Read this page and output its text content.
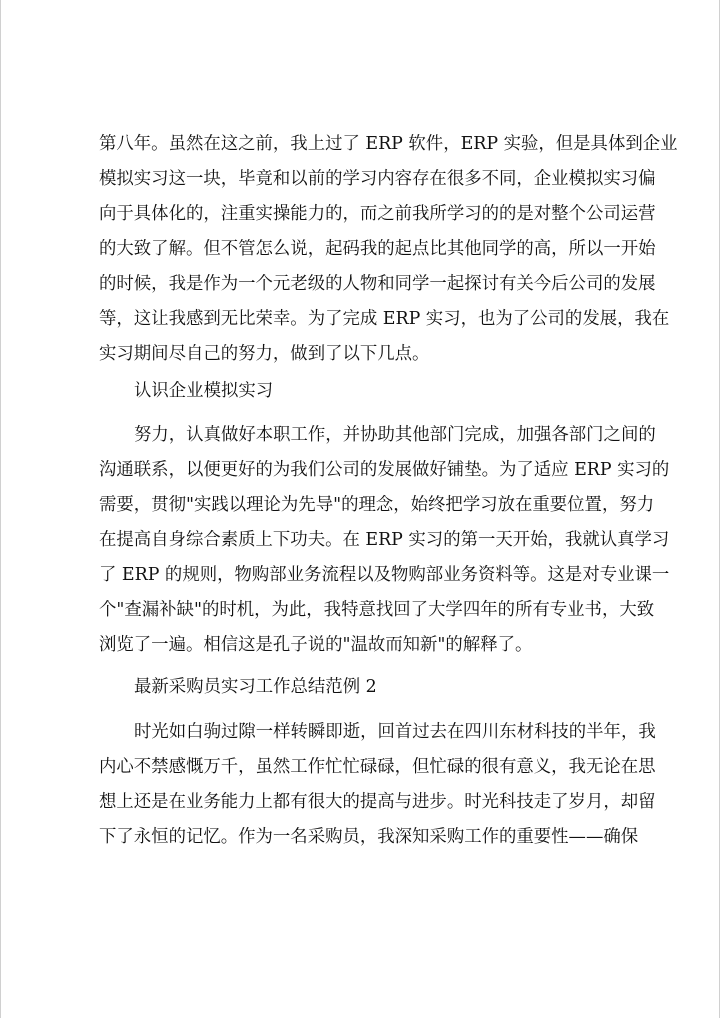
第八年。虽然在这之前，我上过了 ERP 软件，ERP 实验，但是具体到企业
模拟实习这一块，毕竟和以前的学习内容存在很多不同，企业模拟实习偏
向于具体化的，注重实操能力的，而之前我所学习的的是对整个公司运营
的大致了解。但不管怎么说，起码我的起点比其他同学的高，所以一开始
的时候，我是作为一个元老级的人物和同学一起探讨有关今后公司的发展
等，这让我感到无比荣幸。为了完成 ERP 实习，也为了公司的发展，我在
实习期间尽自己的努力，做到了以下几点。
认识企业模拟实习
努力，认真做好本职工作，并协助其他部门完成，加强各部门之间的
沟通联系，以便更好的为我们公司的发展做好铺垫。为了适应 ERP 实习的
需要，贯彻"实践以理论为先导"的理念，始终把学习放在重要位置，努力
在提高自身综合素质上下功夫。在 ERP 实习的第一天开始，我就认真学习
了 ERP 的规则，物购部业务流程以及物购部业务资料等。这是对专业课一
个"查漏补缺"的时机，为此，我特意找回了大学四年的所有专业书，大致
浏览了一遍。相信这是孔子说的"温故而知新"的解释了。
最新采购员实习工作总结范例 2
时光如白驹过隙一样转瞬即逝，回首过去在四川东材科技的半年，我
内心不禁感慨万千，虽然工作忙忙碌碌，但忙碌的很有意义，我无论在思
想上还是在业务能力上都有很大的提高与进步。时光科技走了岁月，却留
下了永恒的记忆。作为一名采购员，我深知采购工作的重要性——确保
